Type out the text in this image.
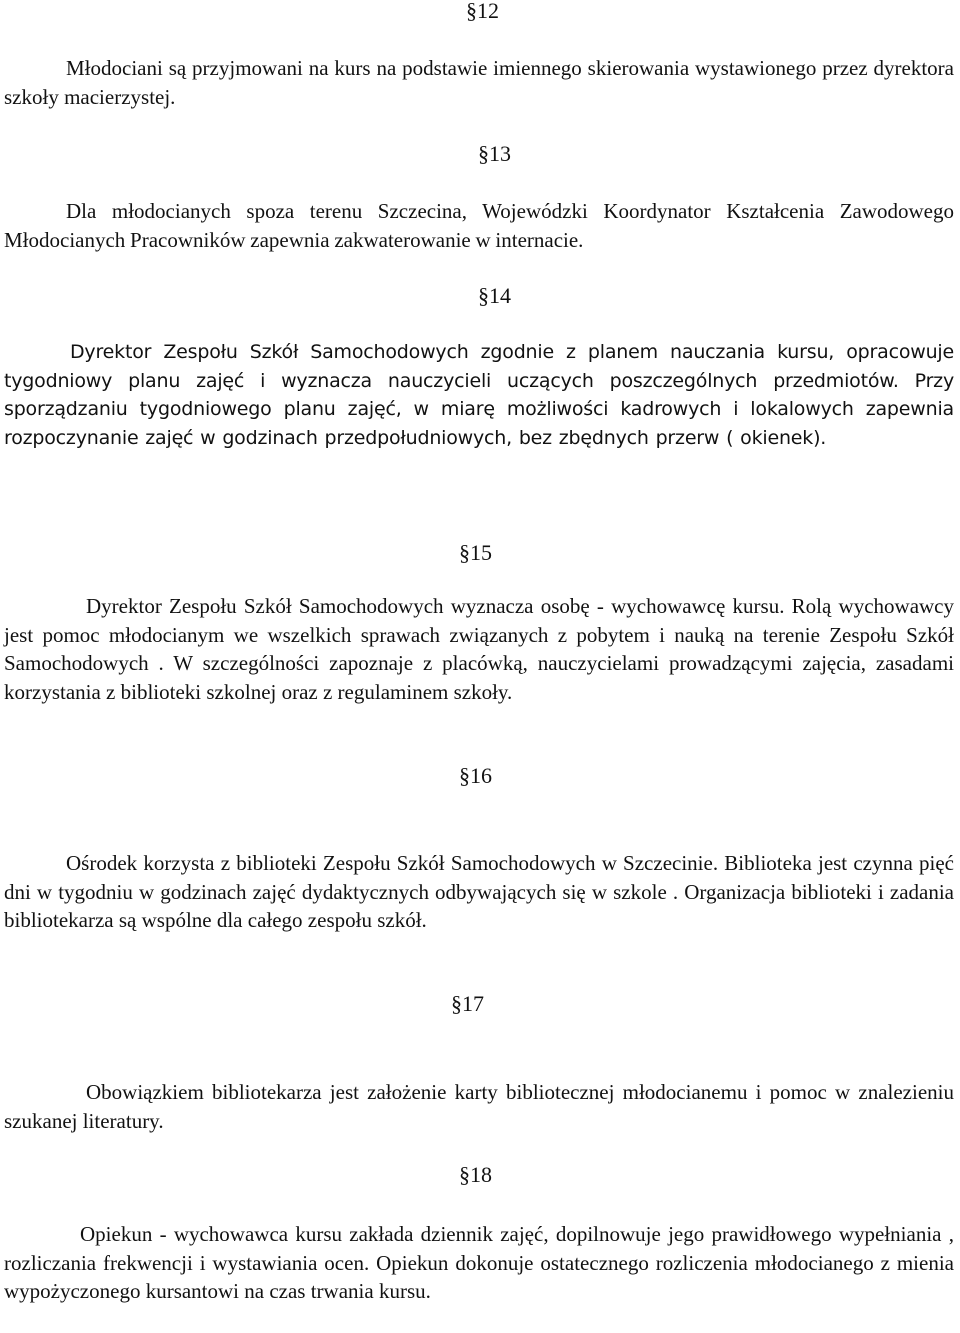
§12
Młodociani są przyjmowani na kurs na podstawie imiennego skierowania wystawionego przez dyrektora szkoły macierzystej.
§13
Dla młodocianych spoza terenu Szczecina, Wojewódzki Koordynator Kształcenia Zawodowego Młodocianych Pracowników zapewnia zakwaterowanie w internacie.
§14
Dyrektor Zespołu Szkół Samochodowych zgodnie z planem nauczania kursu, opracowuje tygodniowy planu zajęć i wyznacza nauczycieli uczących poszczególnych przedmiotów. Przy sporządzaniu tygodniowego planu zajęć, w miarę możliwości kadrowych i lokalowych zapewnia rozpoczynanie zajęć w godzinach przedpołudniowych, bez zbędnych przerw ( okienek).
§15
Dyrektor Zespołu Szkół Samochodowych wyznacza osobę - wychowawcę kursu. Rolą wychowawcy jest pomoc młodocianym we wszelkich sprawach związanych z pobytem i nauką na terenie Zespołu Szkół Samochodowych . W szczególności zapoznaje z placówką, nauczycielami prowadzącymi zajęcia, zasadami korzystania z biblioteki szkolnej oraz z regulaminem szkoły.
§16
Ośrodek korzysta z biblioteki Zespołu Szkół Samochodowych w Szczecinie. Biblioteka jest czynna pięć dni w tygodniu w godzinach zajęć dydaktycznych odbywających się w szkole . Organizacja biblioteki i zadania bibliotekarza są wspólne dla całego zespołu szkół.
§17
Obowiązkiem bibliotekarza jest założenie karty bibliotecznej młodocianemu i pomoc w znalezieniu szukanej literatury.
§18
Opiekun - wychowawca kursu zakłada dziennik zajęć, dopilnowuje jego prawidłowego wypełniania , rozliczania frekwencji i wystawiania ocen. Opiekun dokonuje ostatecznego rozliczenia młodocianego z mienia wypożyczonego kursantowi na czas trwania kursu.
